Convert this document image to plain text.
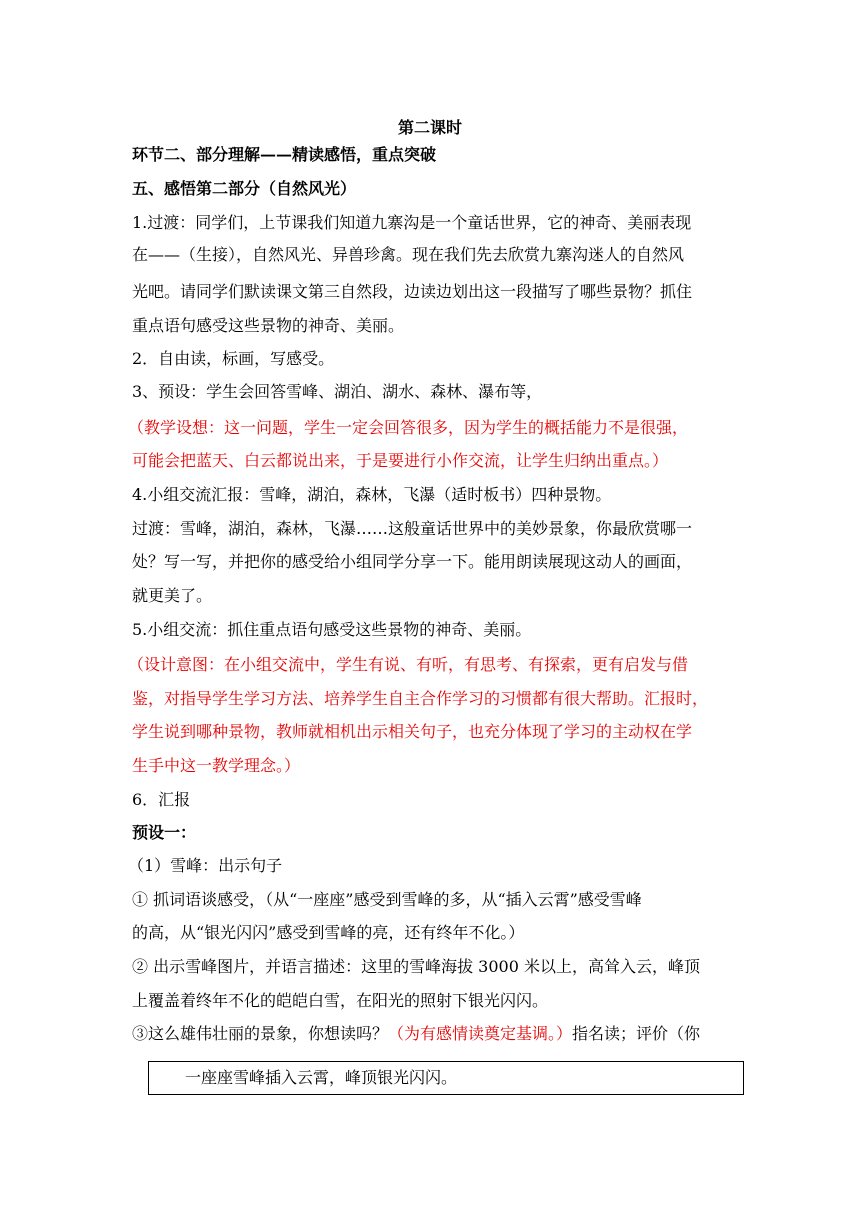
第二课时
环节二、部分理解——精读感悟，重点突破
五、感悟第二部分（自然风光）
1.过渡：同学们，上节课我们知道九寨沟是一个童话世界，它的神奇、美丽表现
在——（生接），自然风光、异兽珍禽。现在我们先去欣赏九寨沟迷人的自然风
光吧。请同学们默读课文第三自然段，边读边划出这一段描写了哪些景物？抓住
重点语句感受这些景物的神奇、美丽。
2．自由读，标画，写感受。
3、预设：学生会回答雪峰、湖泊、湖水、森林、瀑布等，
（教学设想：这一问题，学生一定会回答很多，因为学生的概括能力不是很强，
可能会把蓝天、白云都说出来，于是要进行小作交流，让学生归纳出重点。）
4.小组交流汇报：雪峰，湖泊，森林，飞瀑（适时板书）四种景物。
过渡：雪峰，湖泊，森林，飞瀑……这般童话世界中的美妙景象，你最欣赏哪一
处？写一写，并把你的感受给小组同学分享一下。能用朗读展现这动人的画面，
就更美了。
5.小组交流：抓住重点语句感受这些景物的神奇、美丽。
（设计意图：在小组交流中，学生有说、有听，有思考、有探索，更有启发与借
鉴，对指导学生学习方法、培养学生自主合作学习的习惯都有很大帮助。汇报时，
学生说到哪种景物，教师就相机出示相关句子，也充分体现了学习的主动权在学
生手中这一教学理念。）
6．汇报
预设一：
（1）雪峰：出示句子
① 抓词语谈感受，（从“一座座”感受到雪峰的多，从“插入云霄”感受雪峰
的高，从“银光闪闪”感受到雪峰的亮，还有终年不化。）
② 出示雪峰图片，并语言描述：这里的雪峰海拔 3000 米以上，高耸入云，峰顶
上覆盖着终年不化的皑皑白雪，在阳光的照射下银光闪闪。
③这么雄伟壮丽的景象，你想读吗？（为有感情读奠定基调。）指名读；评价（你
一座座雪峰插入云霄，峰顶银光闪闪。
